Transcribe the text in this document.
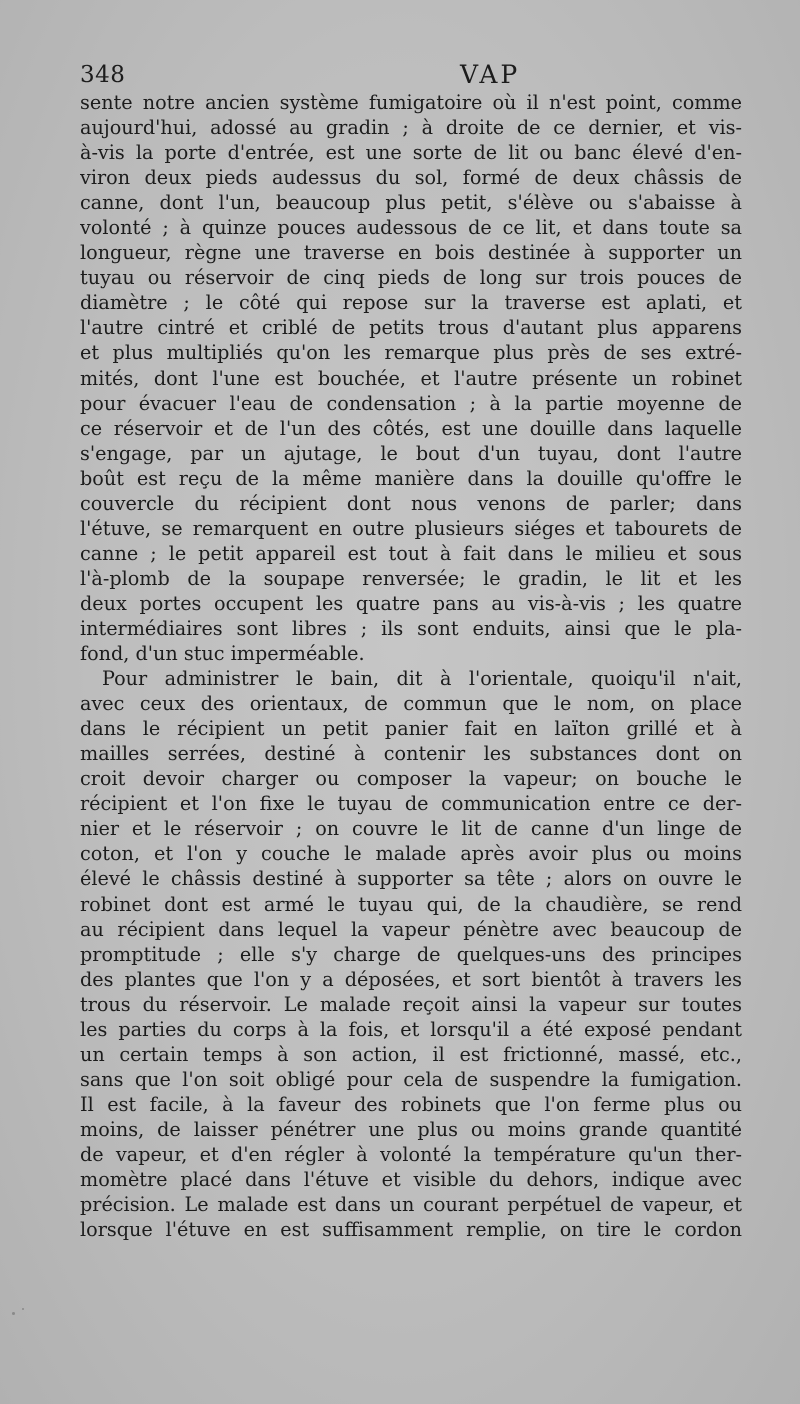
348	VAP
sente notre ancien système fumigatoire où il n'est point, comme
aujourd'hui, adossé au gradin ; à droite de ce dernier, et vis-
à-vis la porte d'entrée, est une sorte de lit ou banc élevé d'en-
viron deux pieds audessus du sol, formé de deux châssis de
canne, dont l'un, beaucoup plus petit, s'élève ou s'abaisse à
volonté ; à quinze pouces audessous de ce lit, et dans toute sa
longueur, règne une traverse en bois destinée à supporter un
tuyau ou réservoir de cinq pieds de long sur trois pouces de
diamètre ; le côté qui repose sur la traverse est aplati, et
l'autre cintré et criblé de petits trous d'autant plus apparens
et plus multipliés qu'on les remarque plus près de ses extré-
mités, dont l'une est bouchée, et l'autre présente un robinet
pour évacuer l'eau de condensation ; à la partie moyenne de
ce réservoir et de l'un des côtés, est une douille dans laquelle
s'engage, par un ajutage, le bout d'un tuyau, dont l'autre
boût est reçu de la même manière dans la douille qu'offre le
couvercle du récipient dont nous venons de parler; dans
l'étuve, se remarquent en outre plusieurs siéges et tabourets de
canne ; le petit appareil est tout à fait dans le milieu et sous
l'à-plomb de la soupape renversée; le gradin, le lit et les
deux portes occupent les quatre pans au vis-à-vis ; les quatre
intermédiaires sont libres ; ils sont enduits, ainsi que le pla-
fond, d'un stuc imperméable.
Pour administrer le bain, dit à l'orientale, quoiqu'il n'ait,
avec ceux des orientaux, de commun que le nom, on place
dans le récipient un petit panier fait en laïton grillé et à
mailles serrées, destiné à contenir les substances dont on
croit devoir charger ou composer la vapeur; on bouche le
récipient et l'on fixe le tuyau de communication entre ce der-
nier et le réservoir ; on couvre le lit de canne d'un linge de
coton, et l'on y couche le malade après avoir plus ou moins
élevé le châssis destiné à supporter sa tête ; alors on ouvre le
robinet dont est armé le tuyau qui, de la chaudière, se rend
au récipient dans lequel la vapeur pénètre avec beaucoup de
promptitude ; elle s'y charge de quelques-uns des principes
des plantes que l'on y a déposées, et sort bientôt à travers les
trous du réservoir. Le malade reçoit ainsi la vapeur sur toutes
les parties du corps à la fois, et lorsqu'il a été exposé pendant
un certain temps à son action, il est frictionné, massé, etc.,
sans que l'on soit obligé pour cela de suspendre la fumigation.
Il est facile, à la faveur des robinets que l'on ferme plus ou
moins, de laisser pénétrer une plus ou moins grande quantité
de vapeur, et d'en régler à volonté la température qu'un ther-
momètre placé dans l'étuve et visible du dehors, indique avec
précision. Le malade est dans un courant perpétuel de vapeur, et
lorsque l'étuve en est suffisamment remplie, on tire le cordon
